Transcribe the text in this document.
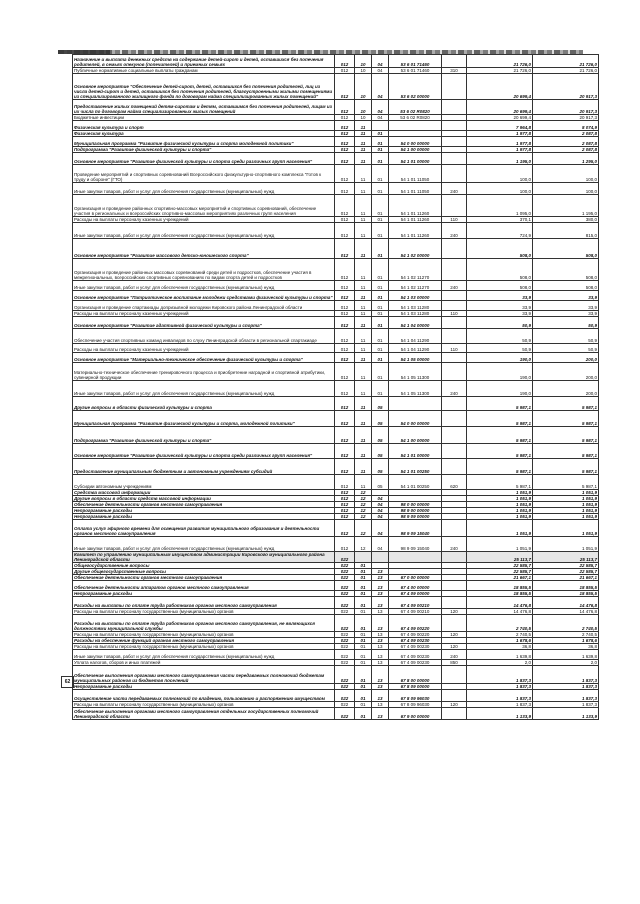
62
Назначение и выплата денежных средств на содержание детей-сирот и детей, оставшихся без попечения родителей, в семьях опекунов (попечителей) и приемных семьях	012	10	04	53 6 01 71460		21 726,0	21 726,0
Публичные нормативные социальные выплаты гражданам	012	10	04	53 6 01 71460	310	21 726,0	21 726,0
Основное мероприятие "Обеспечение детей-сирот, детей, оставшихся без попечения родителей, лиц из числа детей-сирот и детей, оставшихся без попечения родителей, благоустроенными жилыми помещениями из специализированного жилищного фонда по договорам найма специализированных жилых помещений"	012	10	04	53 6 02 00000		20 699,4	20 917,3
Предоставление жилых помещений детям-сиротам и детям, оставшимся без попечения родителей, лицам из их числа по договорам найма специализированных жилых помещений	012	10	04	53 6 02 R0820		20 699,4	20 917,3
Бюджетные инвестиции	012	10	04	53 6 02 R0820		20 699,4	20 917,3
Физическая культура и спорт	012	11				7 964,8	8 074,9
Физическая культура	012	11	01			1 977,8	2 087,8
Муниципальная программа "Развитие физической культуры и спорта молодежной политики"	012	11	01	54 0 00 00000		1 977,8	2 087,8
Подпрограмма "Развитие физической культуры и спорта"	012	11	01	54 1 00 00000		1 977,8	2 087,8
Основное мероприятие "Развитие физической культуры и спорта среди различных групп населения"	012	11	01	54 1 01 00000		1 195,0	1 295,0
Проведение мероприятий и спортивных соревнований Всероссийского физкультурно-спортивного комплекса "Готов к труду и обороне" (ГТО)	012	11	01	54 1 01 11050		100,0	100,0
Иные закупки товаров, работ и услуг для обеспечения государственных (муниципальных) нужд	012	11	01	54 1 01 11050	240	100,0	100,0
Организация и проведение районных спортивно-массовых мероприятий и спортивных соревнований, обеспечение участия в региональных и всероссийских спортивно-массовых мероприятиях различных групп населения	012	11	01	54 1 01 11260		1 095,0	1 195,0
Расходы на выплаты персоналу казенных учреждений	012	11	01	54 1 01 11260	110	370,1	380,0
Иные закупки товаров, работ и услуг для обеспечения государственных (муниципальных) нужд	012	11	01	54 1 01 11260	240	724,9	815,0
Основное мероприятие "Развитие массового детско-юношеского спорта"	012	11	01	54 1 02 00000		508,0	508,0
Организация и проведение районных массовых соревнований среди детей и подростков, обеспечение участия в межрегиональных, всероссийских спортивных соревнованиях по видам спорта детей и подростков	012	11	01	54 1 02 11270		508,0	508,0
Иные закупки товаров, работ и услуг для обеспечения государственных (муниципальных) нужд	012	11	01	54 1 02 11270	240	508,0	508,0
Основное мероприятие "Патриотическое воспитание молодежи средствами физической культуры и спорта"	012	11	01	54 1 03 00000		33,9	33,9
Организация и проведение спартакиады допризывной молодежи Кировского района Ленинградской области	012	11	01	54 1 03 11280		33,9	33,9
Расходы на выплаты персоналу казенных учреждений	012	11	01	54 1 03 11280	110	33,9	33,9
Основное мероприятие "Развитие адаптивной физической культуры и спорта"	012	11	01	54 1 04 00000		50,9	50,9
Обеспечение участия спортивных команд инвалидов по слуху Ленинградской области в региональной спартакиаде	012	11	01	54 1 04 11290		50,9	50,9
Расходы на выплаты персоналу казенных учреждений	012	11	01	54 1 04 11290	110	50,9	50,9
Основное мероприятие "Материально-техническое обеспечение физической культуры и спорта"	012	11	01	54 1 05 00000		190,0	200,0
Материально-техническое обеспечение тренировочного процесса и приобретение наградной и спортивной атрибутики, сувенирной продукции	012	11	01	54 1 05 11300		190,0	200,0
Иные закупки товаров, работ и услуг для обеспечения государственных (муниципальных) нужд	012	11	01	54 1 05 11300	240	190,0	200,0
Другие вопросы в области физической культуры и спорта	012	11	05			5 987,1	5 987,1
Муниципальная программа "Развитие физической культуры и спорта, молодежной политики"	012	11	05	54 0 00 00000		5 987,1	5 987,1
Подпрограмма "Развитие физической культуры и спорта"	012	11	05	54 1 00 00000		5 987,1	5 987,1
Основное мероприятие "Развитие физической культуры и спорта среди различных групп населения"	012	11	05	54 1 01 00000		5 987,1	5 987,1
Предоставление муниципальным бюджетным и автономным учреждениям субсидий	012	11	05	54 1 01 00250		5 987,1	5 987,1
Субсидии автономным учреждениям	012	11	05	54 1 01 00250	620	5 987,1	5 987,1
Средства массовой информации	012	12				1 051,9	1 051,9
Другие вопросы в области средств массовой информации	012	12	04			1 051,9	1 051,9
Обеспечение деятельности органов местного самоуправления	012	12	04	98 0 00 00000		1 051,9	1 051,9
Непрограммные расходы	012	12	04	98 9 00 00000		1 051,9	1 051,9
Непрограммные расходы	012	12	04	98 9 09 00000		1 051,9	1 051,9
Оплата услуг эфирного времени для освещения развития муниципального образования и деятельности органов местного самоуправления	012	12	04	98 9 09 15040		1 051,9	1 051,9
Иные закупки товаров, работ и услуг для обеспечения государственных (муниципальных) нужд	012	12	04	98 9 09 15040	240	1 051,9	1 051,9
Комитет по управлению муниципальным имуществом администрации Кировского муниципального района Ленинградской области	022					25 113,7	25 113,7
Общегосударственные вопросы	022	01				22 585,7	22 585,7
Другие общегосударственные вопросы	022	01	13			22 585,7	22 585,7
Обеспечение деятельности органов местного самоуправления	022	01	13	67 0 00 00000		21 667,1	21 667,1
Обеспечение деятельности аппаратов органов местного самоуправления	022	01	13	67 4 00 00000		18 855,5	18 855,5
Непрограммные расходы	022	01	13	67 4 09 00000		18 855,5	18 855,5
Расходы на выплаты по оплате труда работников органов местного самоуправления	022	01	13	67 4 09 00210		14 476,8	14 476,8
Расходы на выплаты персоналу государственных (муниципальных) органов	022	01	13	67 4 09 00210	120	14 476,8	14 476,8
Расходы на выплаты по оплате труда работников органов местного самоуправления, не являющихся должностями муниципальной службы	022	01	13	67 4 09 00220		2 740,5	2 740,5
Расходы на выплаты персоналу государственных (муниципальных) органов	022	01	13	67 4 09 00220	120	2 740,5	2 740,5
Расходы на обеспечение функций органов местного самоуправления	022	01	13	67 4 09 00230		1 678,6	1 678,6
Расходы на выплаты персоналу государственных (муниципальных) органов	022	01	13	67 4 09 00230	120	36,8	36,8
Иные закупки товаров, работ и услуг для обеспечения государственных (муниципальных) нужд	022	01	13	67 4 09 00230	240	1 639,8	1 639,8
Уплата налогов, сборов и иных платежей	022	01	13	67 4 09 00230	850	2,0	2,0
Обеспечение выполнения органами местного самоуправления части передаваемых полномочий бюджетам муниципальных районов из бюджетов поселений	022	01	13	67 8 00 00000		1 837,3	1 837,3
Непрограммные расходы	022	01	13	67 8 09 00000		1 837,3	1 837,3
Осуществление части передаваемых полномочий по владению, пользованию и распоряжению имуществом	022	01	13	67 8 09 96030		1 837,3	1 837,3
Расходы на выплаты персоналу государственных (муниципальных) органов	022	01	13	67 8 09 96030	120	1 837,3	1 837,3
Обеспечение выполнения органами местного самоуправления отдельных государственных полномочий Ленинградской области	022	01	13	67 9 00 00000		1 133,9	1 133,9
